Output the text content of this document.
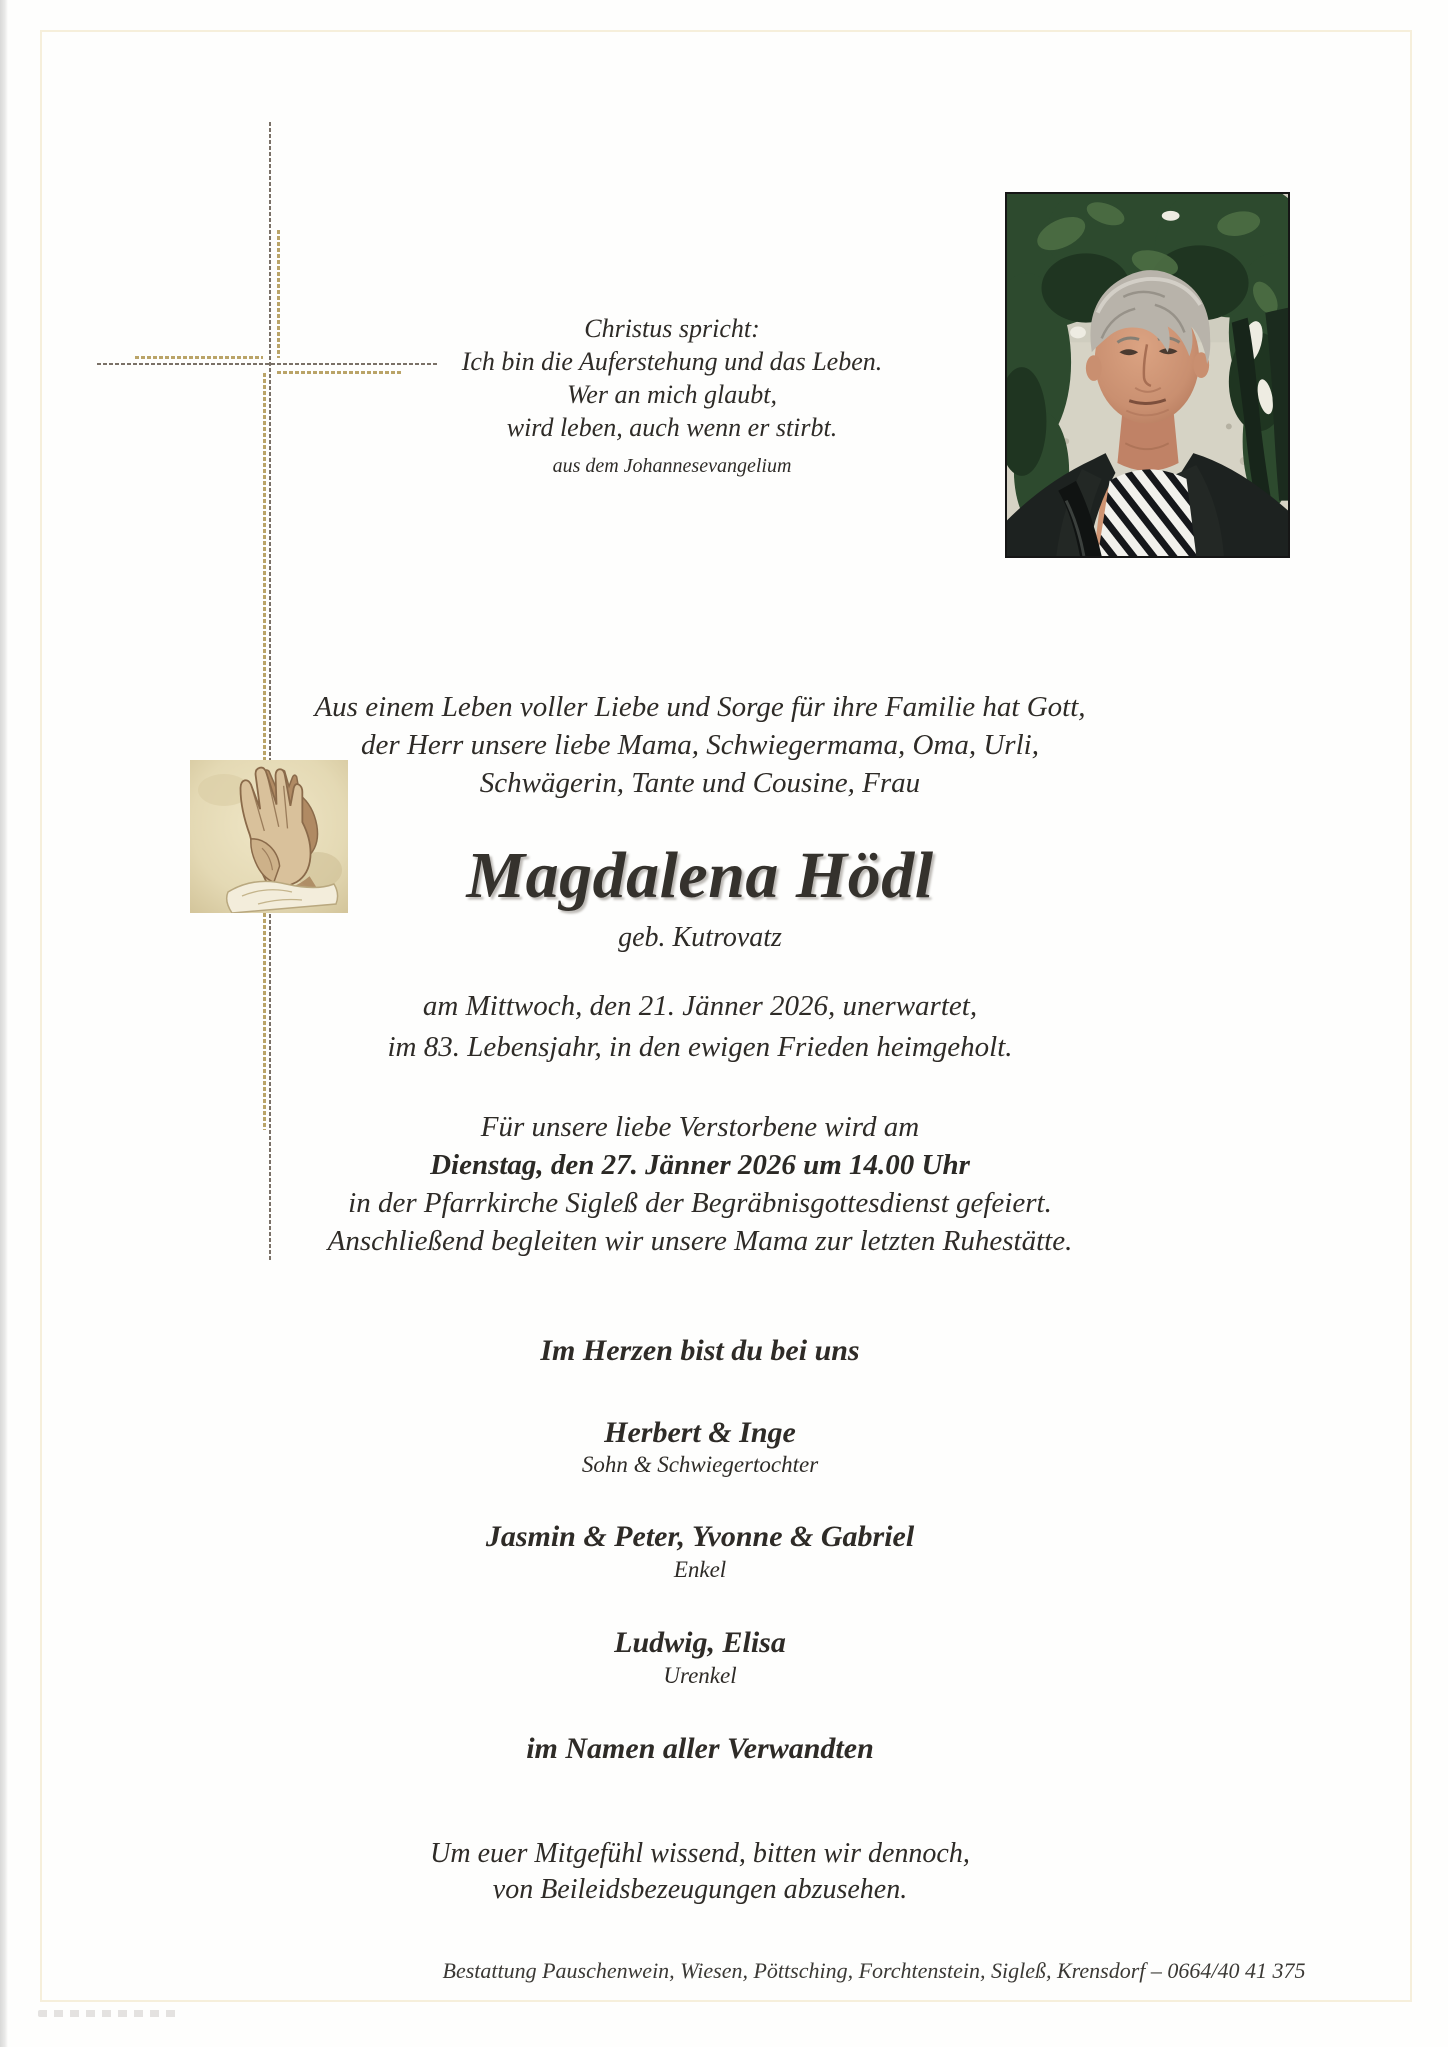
Christus spricht:
Ich bin die Auferstehung und das Leben.
Wer an mich glaubt,
wird leben, auch wenn er stirbt.
aus dem Johannesevangelium
Aus einem Leben voller Liebe und Sorge für ihre Familie hat Gott,
der Herr unsere liebe Mama, Schwiegermama, Oma, Urli,
Schwägerin, Tante und Cousine, Frau
Magdalena Hödl
geb. Kutrovatz
am Mittwoch, den 21. Jänner 2026, unerwartet,
im 83. Lebensjahr, in den ewigen Frieden heimgeholt.
Für unsere liebe Verstorbene wird am
Dienstag, den 27. Jänner 2026 um 14.00 Uhr
in der Pfarrkirche Sigleß der Begräbnisgottesdienst gefeiert.
Anschließend begleiten wir unsere Mama zur letzten Ruhestätte.
Im Herzen bist du bei uns
Herbert & Inge
Sohn & Schwiegertochter
Jasmin & Peter, Yvonne & Gabriel
Enkel
Ludwig, Elisa
Urenkel
im Namen aller Verwandten
Um euer Mitgefühl wissend, bitten wir dennoch,
von Beileidsbezeugungen abzusehen.
Bestattung Pauschenwein, Wiesen, Pöttsching, Forchtenstein, Sigleß, Krensdorf – 0664/40 41 375
